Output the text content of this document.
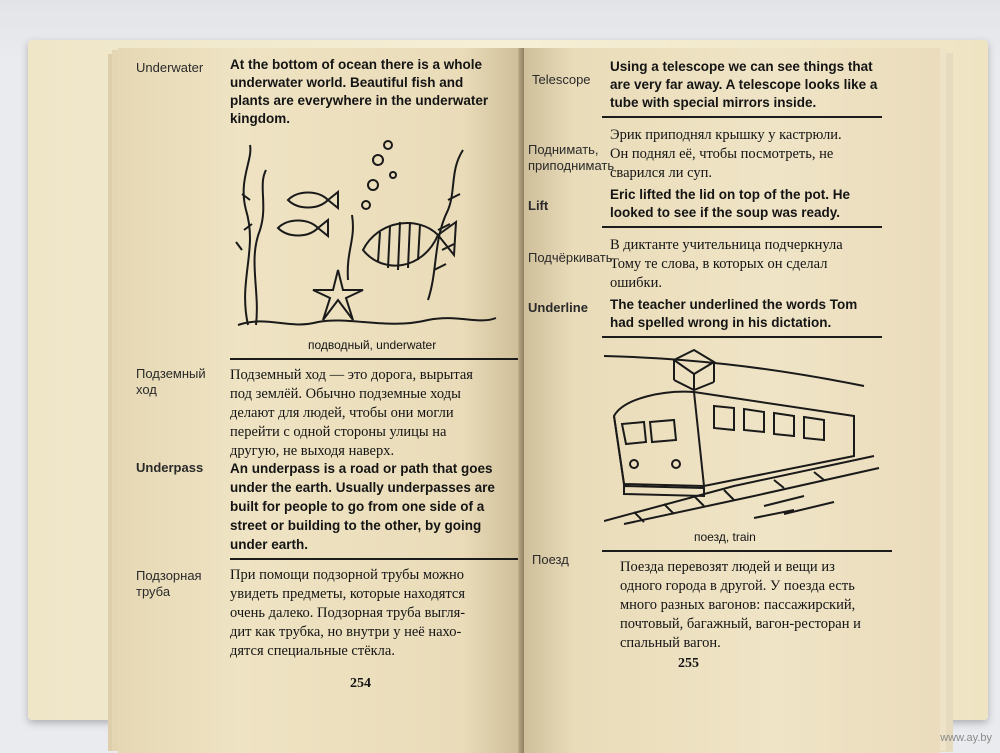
Underwater At the bottom of ocean there is a whole
underwater world. Beautiful fish and
plants are everywhere in the underwater
kingdom.
подводный, underwater
Подземный
ход
Подземный ход — это дорога, вырытая
под землёй. Обычно подземные ходы
делают для людей, чтобы они могли
перейти с одной стороны улицы на
другую, не выходя наверх.
Underpass An underpass is a road or path that goes
under the earth. Usually underpasses are
built for people to go from one side of a
street or building to the other, by going
under earth.
Подзорная
труба
При помощи подзорной трубы можно
увидеть предметы, которые находятся
очень далеко. Подзорная труба выгля-
дит как трубка, но внутри у неё нахо-
дятся специальные стёкла.
254
Telescope
Using a telescope we can see things that
are very far away. A telescope looks like a
tube with special mirrors inside.
Поднимать,
приподнимать
Эрик приподнял крышку у кастрюли.
Он поднял её, чтобы посмотреть, не
сварился ли суп.
Lift
Eric lifted the lid on top of the pot. He
looked to see if the soup was ready.
Подчёркивать
В диктанте учительница подчеркнула
Тому те слова, в которых он сделал
ошибки.
Underline The teacher underlined the words Tom
had spelled wrong in his dictation.
поезд, train
Поезд	Поезда перевозят людей и вещи из
одного города в другой. У поезда есть
много разных вагонов: пассажирский,
почтовый, багажный, вагон-ресторан и
спальный вагон.
255
www.ay.by
